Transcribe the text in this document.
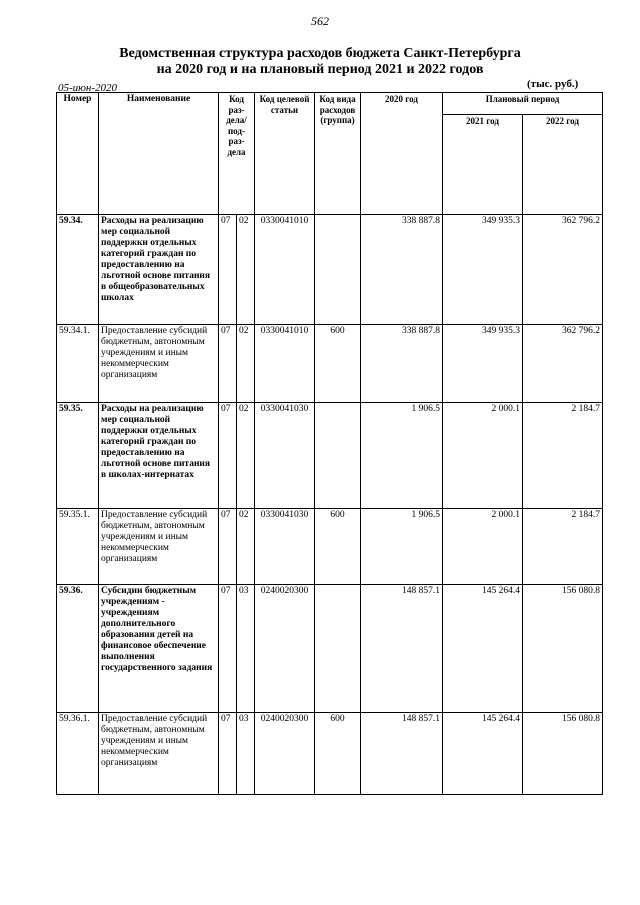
562
Ведомственная структура расходов бюджета Санкт-Петербурга
на 2020 год и на плановый период 2021 и 2022 годов
05-июн-2020	(тыс. руб.)
Номер	Наименование	Код раз-дела/ под-раз-дела		Код целевой статьи	Код вида расходов (группа)	2020 год	Плановый период	
							2021 год	2022 год
59.34.	Расходы на реализацию мер социальной поддержки отдельных категорий граждан по предоставлению на льготной основе питания в общеобразовательных школах	07	02	0330041010		338 887.8	349 935.3	362 796.2
59.34.1.	Предоставление субсидий бюджетным, автономным учреждениям и иным некоммерческим организациям	07	02	0330041010	600	338 887.8	349 935.3	362 796.2
59.35.	Расходы на реализацию мер социальной поддержки отдельных категорий граждан по предоставлению на льготной основе питания в школах-интернатах	07	02	0330041030		1 906.5	2 000.1	2 184.7
59.35.1.	Предоставление субсидий бюджетным, автономным учреждениям и иным некоммерческим организациям	07	02	0330041030	600	1 906.5	2 000.1	2 184.7
59.36.	Субсидии бюджетным учреждениям - учреждениям дополнительного образования детей на финансовое обеспечение выполнения государственного задания	07	03	0240020300		148 857.1	145 264.4	156 080.8
59.36.1.	Предоставление субсидий бюджетным, автономным учреждениям и иным некоммерческим организациям	07	03	0240020300	600	148 857.1	145 264.4	156 080.8
